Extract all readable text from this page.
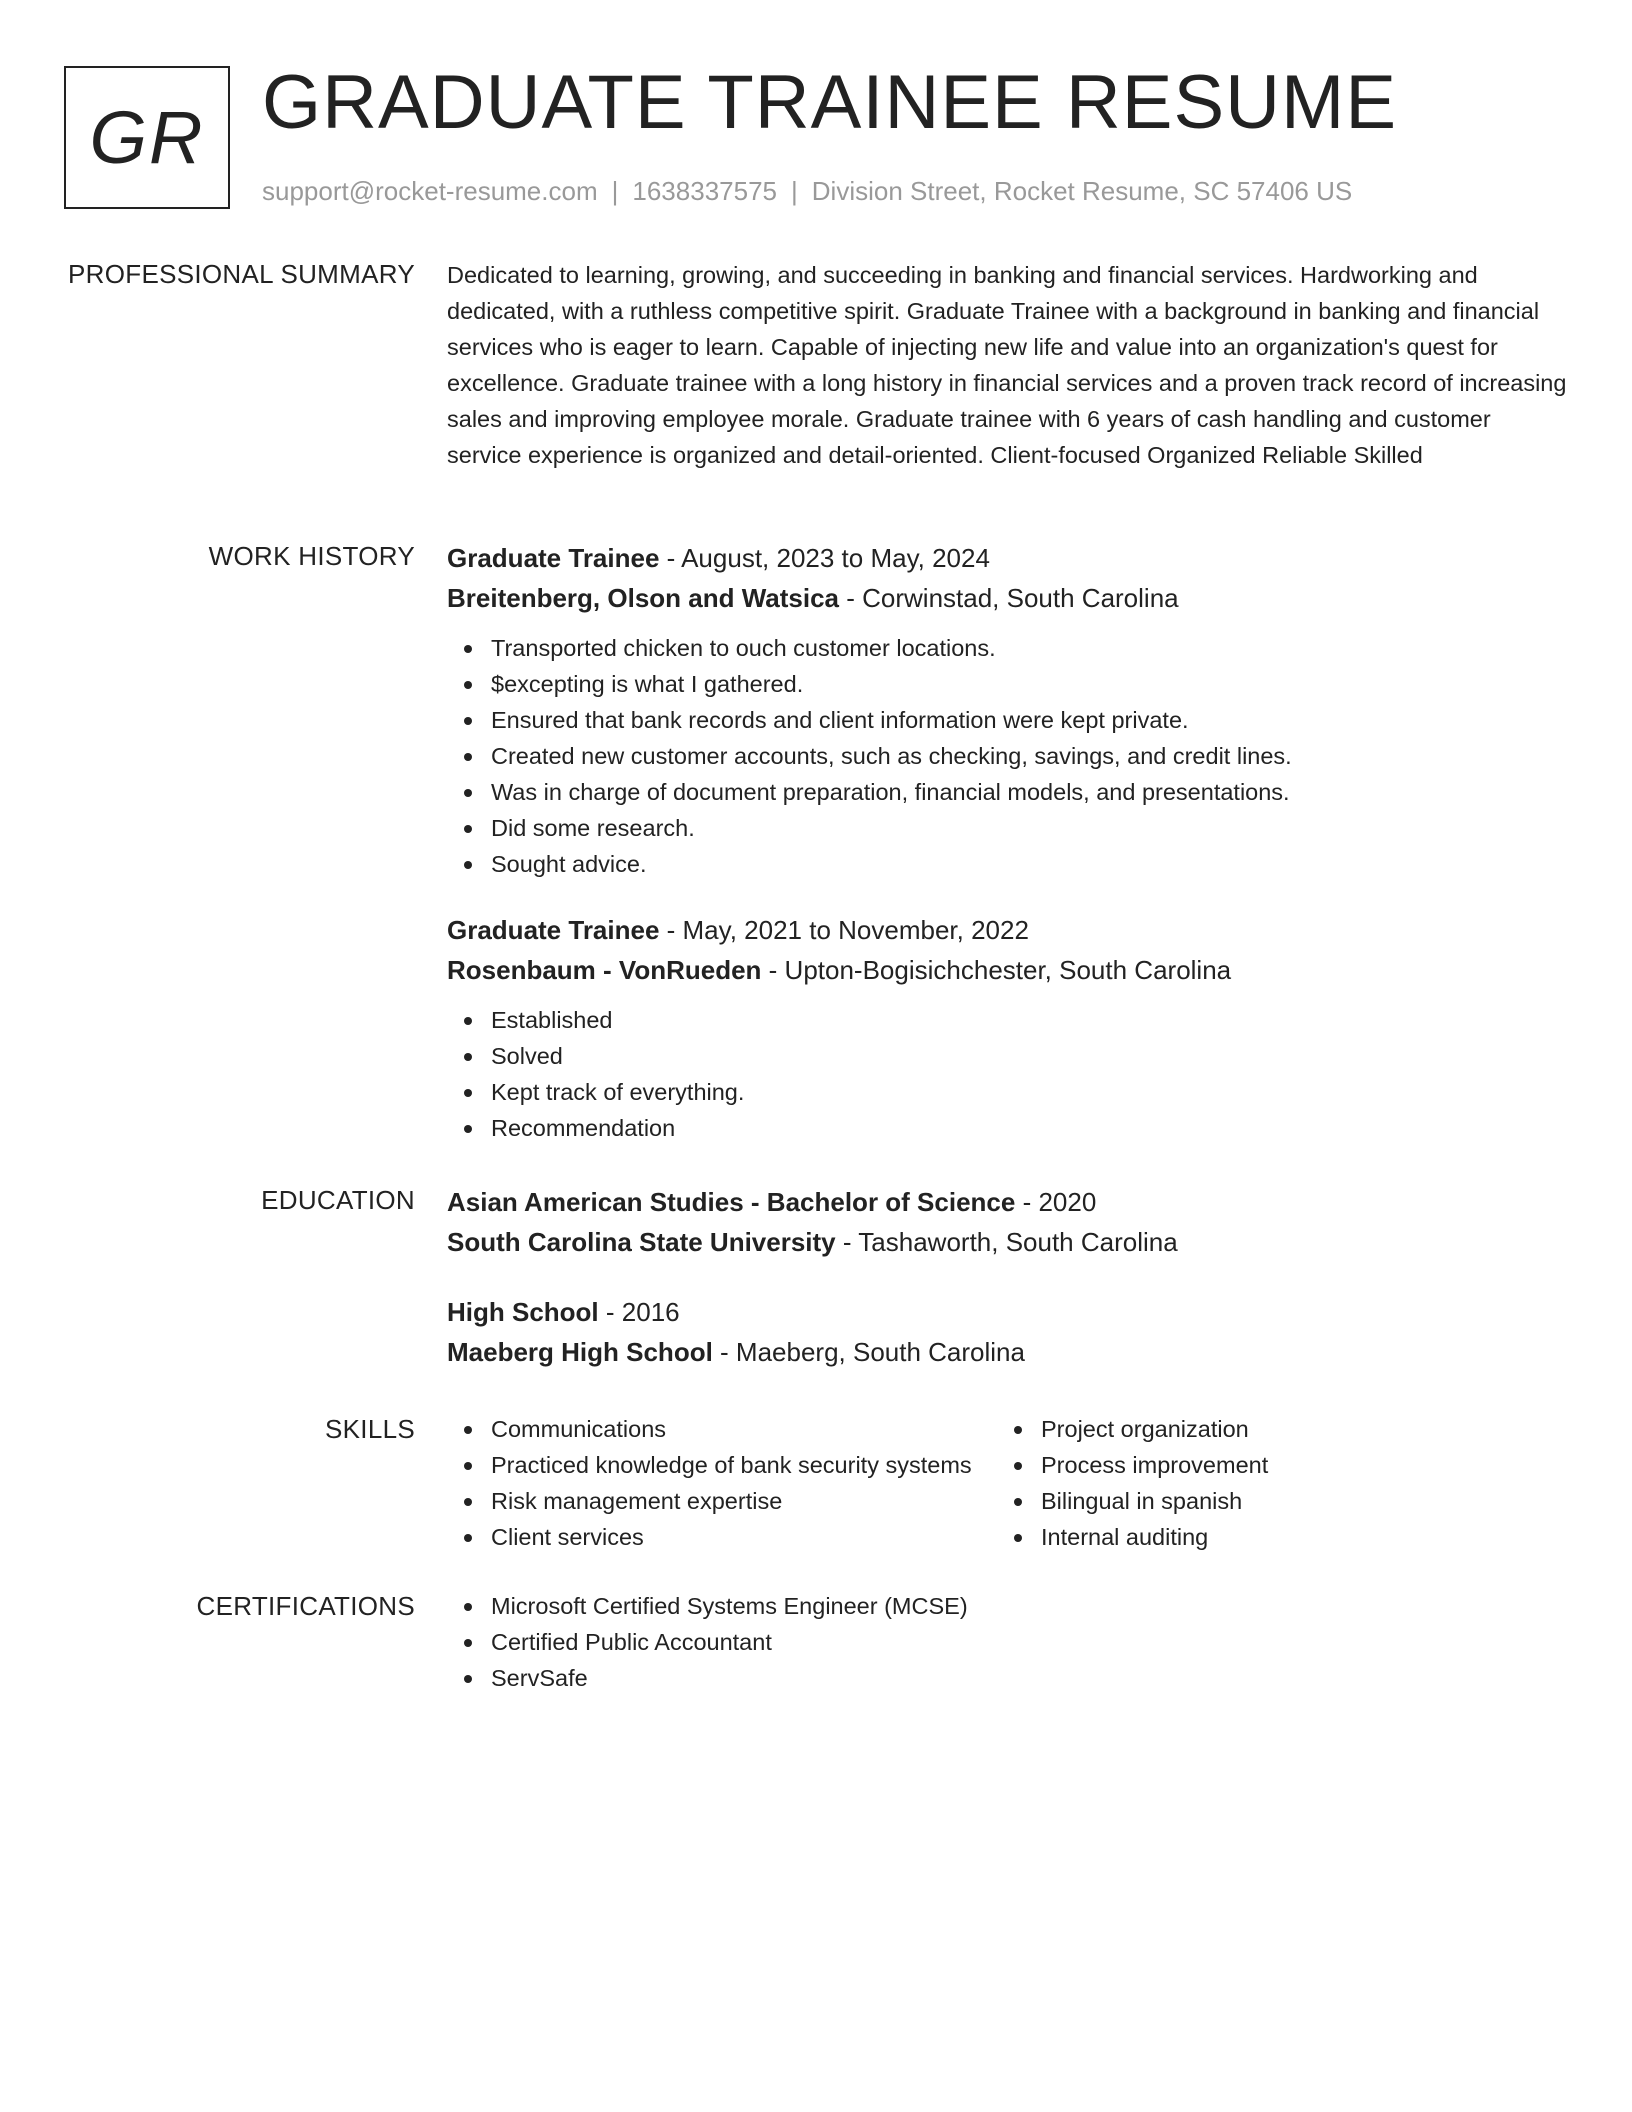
GR GRADUATE TRAINEE RESUME
support@rocket-resume.com | 1638337575 | Division Street, Rocket Resume, SC 57406 US
PROFESSIONAL SUMMARY Dedicated to learning, growing, and succeeding in banking and financial services. Hardworking and dedicated, with a ruthless competitive spirit. Graduate Trainee with a background in banking and financial services who is eager to learn. Capable of injecting new life and value into an organization's quest for excellence. Graduate trainee with a long history in financial services and a proven track record of increasing sales and improving employee morale. Graduate trainee with 6 years of cash handling and customer service experience is organized and detail-oriented. Client-focused Organized Reliable Skilled

WORK HISTORY Graduate Trainee - August, 2023 to May, 2024
Breitenberg, Olson and Watsica - Corwinstad, South Carolina
Transported chicken to ouch customer locations.
$excepting is what I gathered.
Ensured that bank records and client information were kept private.
Created new customer accounts, such as checking, savings, and credit lines.
Was in charge of document preparation, financial models, and presentations.
Did some research.
Sought advice.
Graduate Trainee - May, 2021 to November, 2022
Rosenbaum - VonRueden - Upton-Bogisichchester, South Carolina
Established
Solved
Kept track of everything.
Recommendation
EDUCATION Asian American Studies - Bachelor of Science - 2020
South Carolina State University - Tashaworth, South Carolina
High School - 2016
Maeberg High School - Maeberg, South Carolina
SKILLS	Communications
Practiced knowledge of bank security systems
Risk management expertise
Client services
Project organization
Process improvement
Bilingual in spanish
Internal auditing
CERTIFICATIONS	Microsoft Certified Systems Engineer (MCSE)
Certified Public Accountant
ServSafe
